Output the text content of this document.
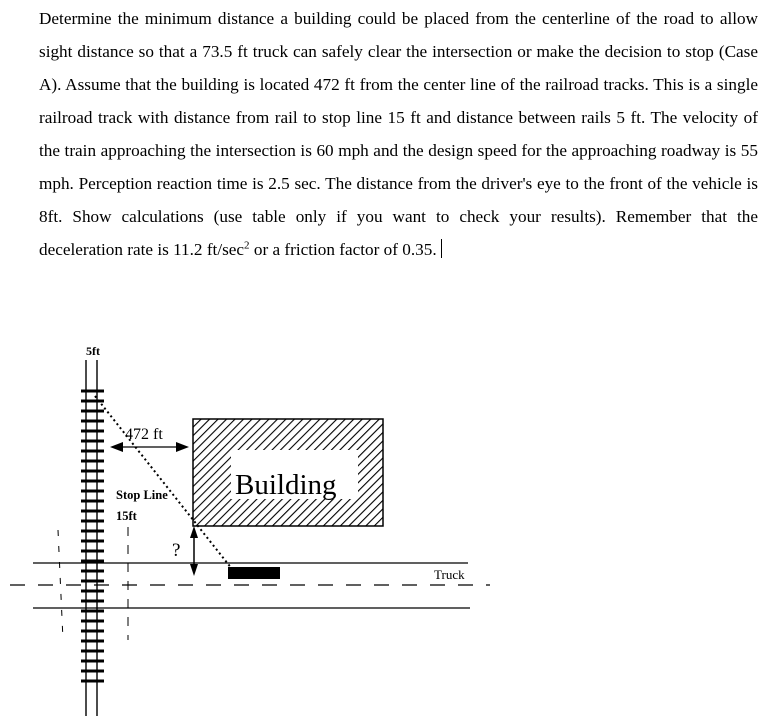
Determine the minimum distance a building could be placed from the centerline of the road to allow sight distance so that a 73.5 ft truck can safely clear the intersection or make the decision to stop (Case A). Assume that the building is located 472 ft from the center line of the railroad tracks. This is a single railroad track with distance from rail to stop line 15 ft and distance between rails 5 ft. The velocity of the train approaching the intersection is 60 mph and the design speed for the approaching roadway is 55 mph. Perception reaction time is 2.5 sec. The distance from the driver's eye to the front of the vehicle is 8ft. Show calculations (use table only if you want to check your results). Remember that the deceleration rate is 11.2 $ft/\sec^2$ or a friction factor of 0.35.
5ft
Building
472 ft
Stop Line
15ft
?
Truck
